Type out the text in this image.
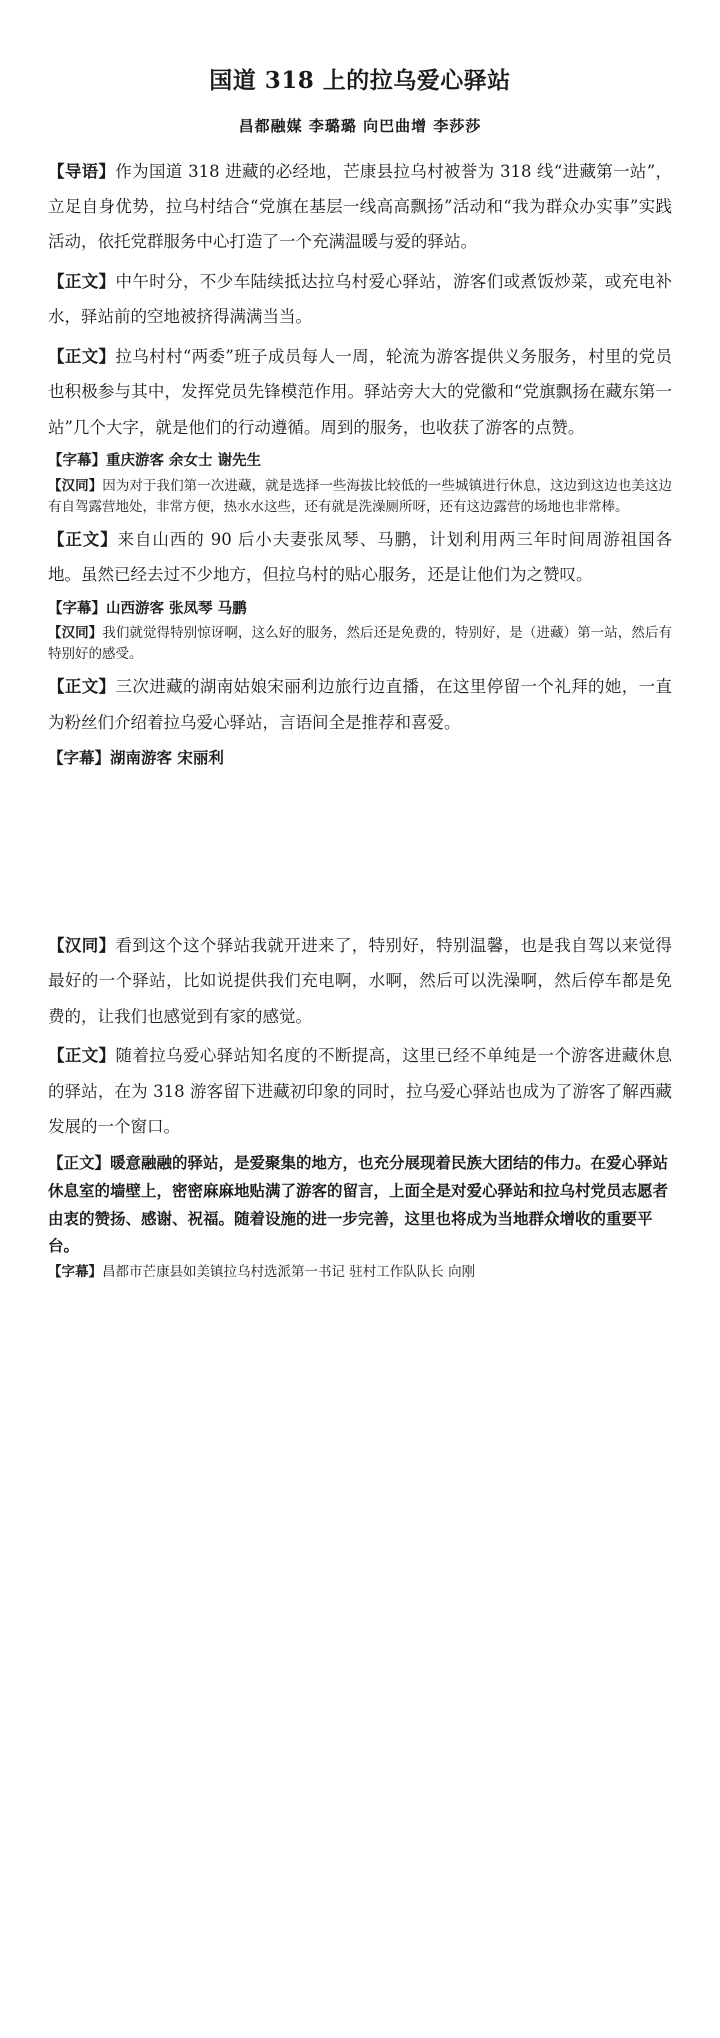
国道 318 上的拉乌爱心驿站
昌都融媒 李璐璐 向巴曲增 李莎莎

【导语】作为国道 318 进藏的必经地，芒康县拉乌村被誉为 318 线“进藏第一站”，立足自身优势，拉乌村结合“党旗在基层一线高高飘扬”活动和“我为群众办实事”实践活动，依托党群服务中心打造了一个充满温暖与爱的驿站。

【正文】中午时分，不少车陆续抵达拉乌村爱心驿站，游客们或煮饭炒菜，或充电补水，驿站前的空地被挤得满满当当。

【正文】拉乌村村“两委”班子成员每人一周，轮流为游客提供义务服务，村里的党员也积极参与其中，发挥党员先锋模范作用。驿站旁大大的党徽和“党旗飘扬在藏东第一站”几个大字，就是他们的行动遵循。周到的服务，也收获了游客的点赞。

【字幕】重庆游客 余女士 谢先生

【汉同】因为对于我们第一次进藏，就是选择一些海拔比较低的一些城镇进行休息，这边到这边也美这边有自驾露营地处，非常方便，热水水这些，还有就是洗澡厕所呀，还有这边露营的场地也非常棒。

【正文】来自山西的 90 后小夫妻张凤琴、马鹏，计划利用两三年时间周游祖国各地。虽然已经去过不少地方，但拉乌村的贴心服务，还是让他们为之赞叹。

【字幕】山西游客 张凤琴 马鹏

【汉同】我们就觉得特别惊讶啊，这么好的服务，然后还是免费的，特别好，是（进藏）第一站，然后有特别好的感受。

【正文】三次进藏的湖南姑娘宋丽利边旅行边直播，在这里停留一个礼拜的她，一直为粉丝们介绍着拉乌爱心驿站，言语间全是推荐和喜爱。

【字幕】湖南游客 宋丽利

【汉同】看到这个这个驿站我就开进来了，特别好，特别温馨，也是我自驾以来觉得最好的一个驿站，比如说提供我们充电啊，水啊，然后可以洗澡啊，然后停车都是免费的，让我们也感觉到有家的感觉。

【正文】随着拉乌爱心驿站知名度的不断提高，这里已经不单纯是一个游客进藏休息的驿站，在为 318 游客留下进藏初印象的同时，拉乌爱心驿站也成为了游客了解西藏发展的一个窗口。

【正文】暖意融融的驿站，是爱聚集的地方，也充分展现着民族大团结的伟力。在爱心驿站休息室的墙壁上，密密麻麻地贴满了游客的留言，上面全是对爱心驿站和拉乌村党员志愿者由衷的赞扬、感谢、祝福。随着设施的进一步完善，这里也将成为当地群众增收的重要平台。

【字幕】昌都市芒康县如美镇拉乌村选派第一书记 驻村工作队队长 向刚
